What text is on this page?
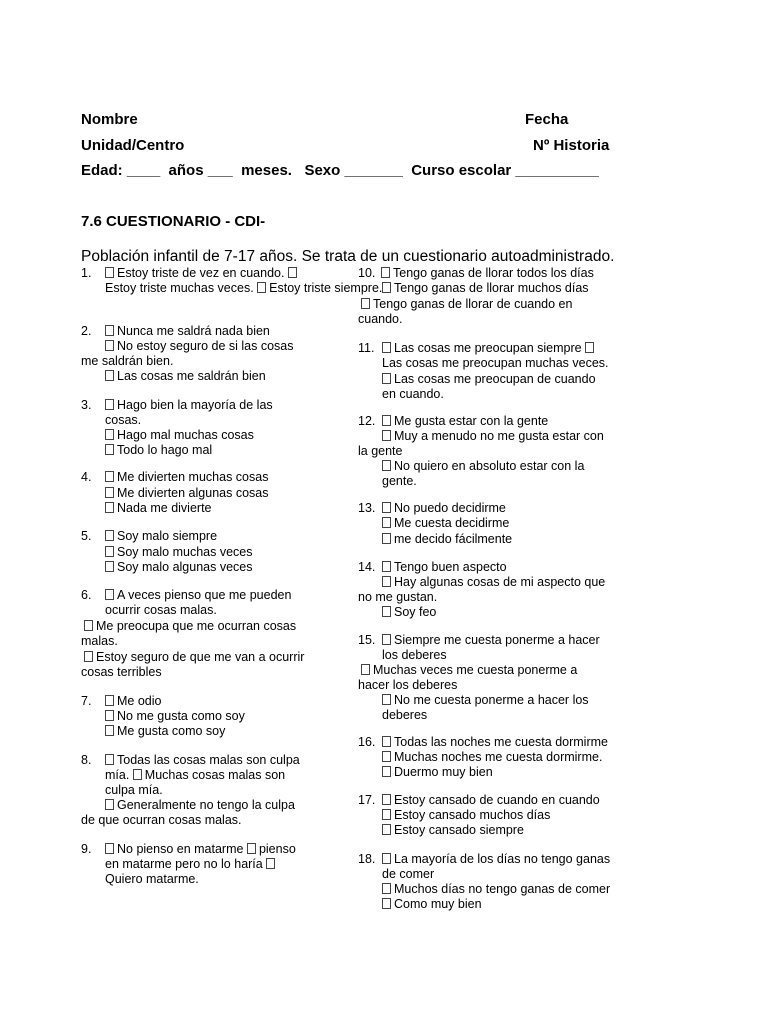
Nombre	Fecha
Unidad/Centro	Nº Historia
Edad: ____  años ___  meses.   Sexo _______  Curso escolar __________
7.6 CUESTIONARIO - CDI-
Población infantil de 7-17 años. Se trata de un cuestionario autoadministrado.
1.	Estoy triste de vez en cuando.
Estoy triste muchas veces. Estoy triste siempre.
2.	Nunca me saldrá nada bien
No estoy seguro de si las cosas
me saldrán bien.
Las cosas me saldrán bien
3.	Hago bien la mayoría de las
cosas.
Hago mal muchas cosas
Todo lo hago mal
4.	Me divierten muchas cosas
Me divierten algunas cosas
Nada me divierte
5.	Soy malo siempre
Soy malo muchas veces
Soy malo algunas veces
6.	A veces pienso que me pueden
ocurrir cosas malas.
Me preocupa que me ocurran cosas
malas.
Estoy seguro de que me van a ocurrir
cosas terribles
7.	Me odio
No me gusta como soy
Me gusta como soy
8.	Todas las cosas malas son culpa
mía. Muchas cosas malas son
culpa mía.
Generalmente no tengo la culpa
de que ocurran cosas malas.
9.	No pienso en matarme pienso
en matarme pero no lo haría
Quiero matarme.
10.	Tengo ganas de llorar todos los días
Tengo ganas de llorar muchos días
Tengo ganas de llorar de cuando en
cuando.
11.	Las cosas me preocupan siempre
Las cosas me preocupan muchas veces.
Las cosas me preocupan de cuando
en cuando.
12.	Me gusta estar con la gente
Muy a menudo no me gusta estar con
la gente
No quiero en absoluto estar con la
gente.
13.	No puedo decidirme
Me cuesta decidirme
me decido fácilmente
14.	Tengo buen aspecto
Hay algunas cosas de mi aspecto que
no me gustan.
Soy feo
15.	Siempre me cuesta ponerme a hacer
los deberes
Muchas veces me cuesta ponerme a
hacer los deberes
No me cuesta ponerme a hacer los
deberes
16.	Todas las noches me cuesta dormirme
Muchas noches me cuesta dormirme.
Duermo muy bien
17.	Estoy cansado de cuando en cuando
Estoy cansado muchos días
Estoy cansado siempre
18.	La mayoría de los días no tengo ganas
de comer
Muchos días no tengo ganas de comer
Como muy bien
